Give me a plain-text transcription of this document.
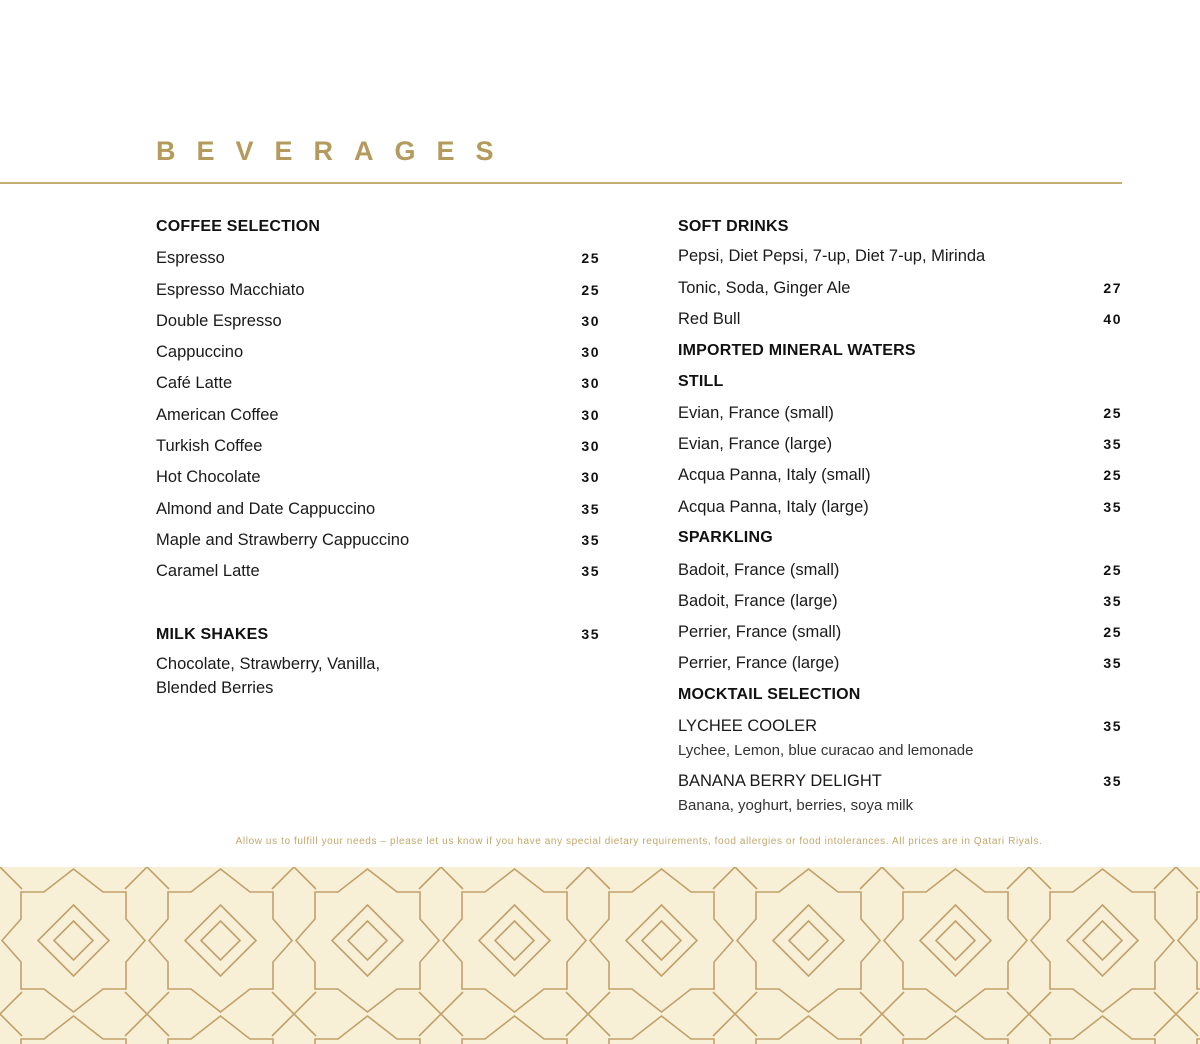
BEVERAGES
COFFEE SELECTION
Espresso	25
Espresso Macchiato	25
Double Espresso	30
Cappuccino	30
Café Latte	30
American Coffee	30
Turkish Coffee	30
Hot Chocolate	30
Almond and Date Cappuccino	35
Maple and Strawberry Cappuccino	35
Caramel Latte	35
MILK SHAKES	35
Chocolate, Strawberry, Vanilla,
Blended Berries
SOFT DRINKS
Pepsi, Diet Pepsi, 7-up, Diet 7-up, Mirinda
Tonic, Soda, Ginger Ale	27
Red Bull	40
IMPORTED MINERAL WATERS
STILL
Evian, France (small)	25
Evian, France (large)	35
Acqua Panna, Italy (small)	25
Acqua Panna, Italy (large)	35
SPARKLING
Badoit, France (small)	25
Badoit, France (large)	35
Perrier, France (small)	25
Perrier, France (large)	35
MOCKTAIL SELECTION
LYCHEE COOLER	35
Lychee, Lemon, blue curacao and lemonade
BANANA BERRY DELIGHT	35
Banana, yoghurt, berries, soya milk
Allow us to fulfill your needs – please let us know if you have any special dietary requirements, food allergies or food intolerances. All prices are in Qatari Riyals.
